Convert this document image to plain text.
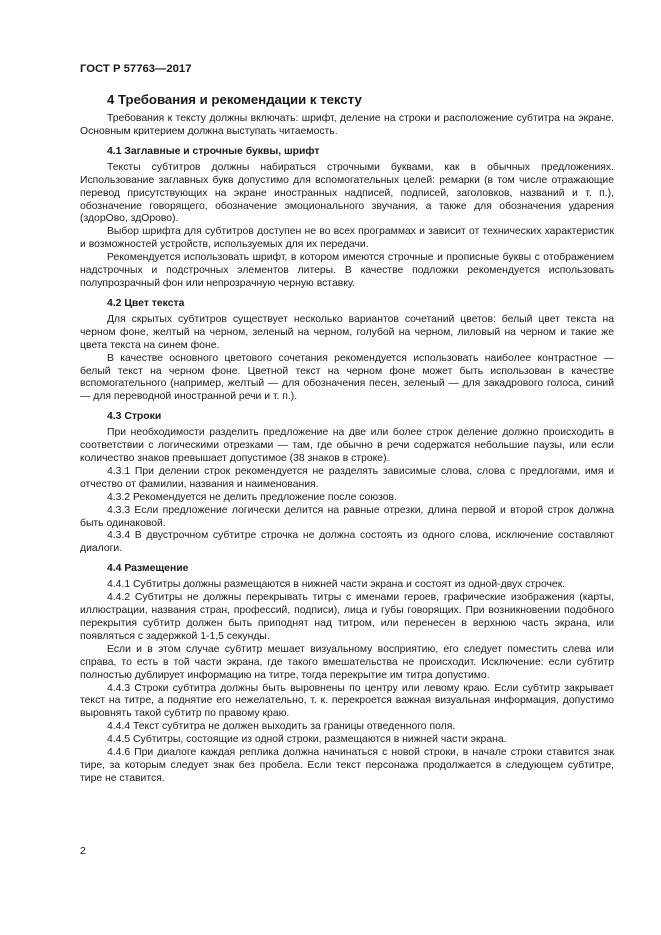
ГОСТ Р 57763—2017
4 Требования и рекомендации к тексту

Требования к тексту должны включать: шрифт, деление на строки и расположение субтитра на экране. Основным критерием должна выступать читаемость.

4.1 Заглавные и строчные буквы, шрифт

Тексты субтитров должны набираться строчными буквами, как в обычных предложениях. Использование заглавных букв допустимо для вспомогательных целей: ремарки (в том числе отражающие перевод присутствующих на экране иностранных надписей, подписей, заголовков, названий и т. п.), обозначение говорящего, обозначение эмоционального звучания, а также для обозначения ударения (здорОво, здОрово).

Выбор шрифта для субтитров доступен не во всех программах и зависит от технических характеристик и возможностей устройств, используемых для их передачи.

Рекомендуется использовать шрифт, в котором имеются строчные и прописные буквы с отображением надстрочных и подстрочных элементов литеры. В качестве подложки рекомендуется использовать полупрозрачный фон или непрозрачную черную вставку.

4.2 Цвет текста

Для скрытых субтитров существует несколько вариантов сочетаний цветов: белый цвет текста на черном фоне, желтый на черном, зеленый на черном, голубой на черном, лиловый на черном и такие же цвета текста на синем фоне.

В качестве основного цветового сочетания рекомендуется использовать наиболее контрастное — белый текст на черном фоне. Цветной текст на черном фоне может быть использован в качестве вспомогательного (например, желтый — для обозначения песен, зеленый — для закадрового голоса, синий — для переводной иностранной речи и т. п.).

4.3 Строки

При необходимости разделить предложение на две или более строк деление должно происходить в соответствии с логическими отрезками — там, где обычно в речи содержатся небольшие паузы, или если количество знаков превышает допустимое (38 знаков в строке).

4.3.1 При делении строк рекомендуется не разделять зависимые слова, слова с предлогами, имя и отчество от фамилии, названия и наименования.

4.3.2 Рекомендуется не делить предложение после союзов.

4.3.3 Если предложение логически делится на равные отрезки, длина первой и второй строк должна быть одинаковой.

4.3.4 В двустрочном субтитре строчка не должна состоять из одного слова, исключение составляют диалоги.

4.4 Размещение

4.4.1 Субтитры должны размещаются в нижней части экрана и состоят из одной-двух строчек.

4.4.2 Субтитры не должны перекрывать титры с именами героев, графические изображения (карты, иллюстрации, названия стран, профессий, подписи), лица и губы говорящих. При возникновении подобного перекрытия субтитр должен быть приподнят над титром, или перенесен в верхнюю часть экрана, или появляться с задержкой 1-1,5 секунды.

Если и в этом случае субтитр мешает визуальному восприятию, его следует поместить слева или справа, то есть в той части экрана, где такого вмешательства не происходит. Исключение: если субтитр полностью дублирует информацию на титре, тогда перекрытие им титра допустимо.

4.4.3 Строки субтитра должны быть выровнены по центру или левому краю. Если субтитр закрывает текст на титре, а поднятие его нежелательно, т. к. перекроется важная визуальная информация, допустимо выровнять такой субтитр по правому краю.

4.4.4 Текст субтитра не должен выходить за границы отведенного поля.

4.4.5 Субтитры, состоящие из одной строки, размещаются в нижней части экрана.

4.4.6 При диалоге каждая реплика должна начинаться с новой строки, в начале строки ставится знак тире, за которым следует знак без пробела. Если текст персонажа продолжается в следующем субтитре, тире не ставится.

2
